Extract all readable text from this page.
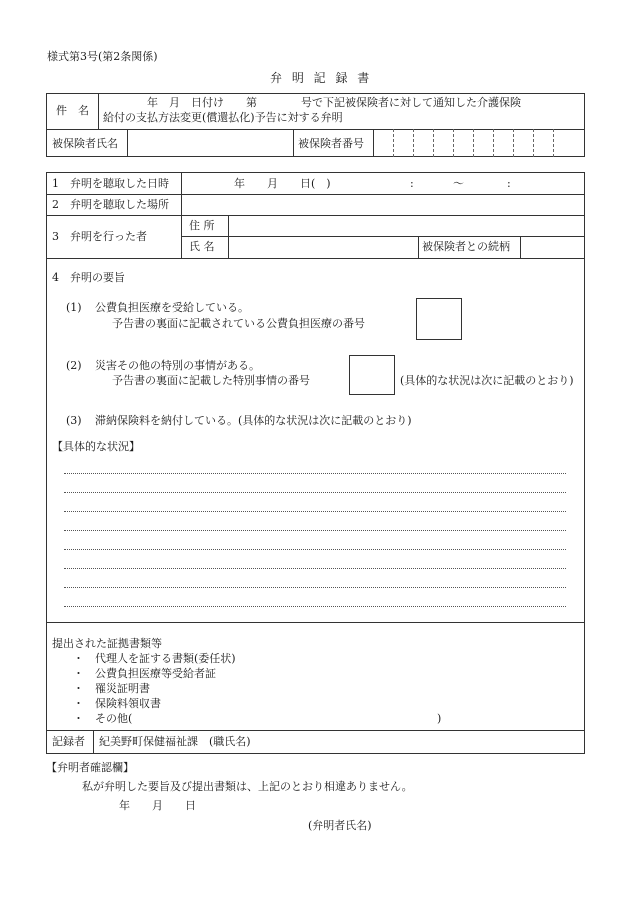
様式第3号(第2条関係)
弁 明 記 録 書
件　名
年　月　日付け　　第　　　　号で下記被保険者に対して通知した介護保険
給付の支払方法変更(償還払化)予告に対する弁明
被保険者氏名	被保険者番号
1　弁明を聴取した日時	年　　月　　日(　)	:	～	:
2　弁明を聴取した場所
3　弁明を行った者
住 所
氏 名	被保険者との続柄
4　弁明の要旨
(1) 公費負担医療を受給している。
予告書の裏面に記載されている公費負担医療の番号
(2) 災害その他の特別の事情がある。
予告書の裏面に記載した特別事情の番号	(具体的な状況は次に記載のとおり)
(3) 滞納保険料を納付している。(具体的な状況は次に記載のとおり)
【具体的な状況】
提出された証拠書類等
・ 代理人を証する書類(委任状)
・ 公費負担医療等受給者証
・ 罹災証明書
・ 保険料領収書
・ その他(	)
記録者 紀美野町保健福祉課　(職氏名)
【弁明者確認欄】
私が弁明した要旨及び提出書類は、上記のとおり相違ありません。
年　　月　　日
(弁明者氏名)
